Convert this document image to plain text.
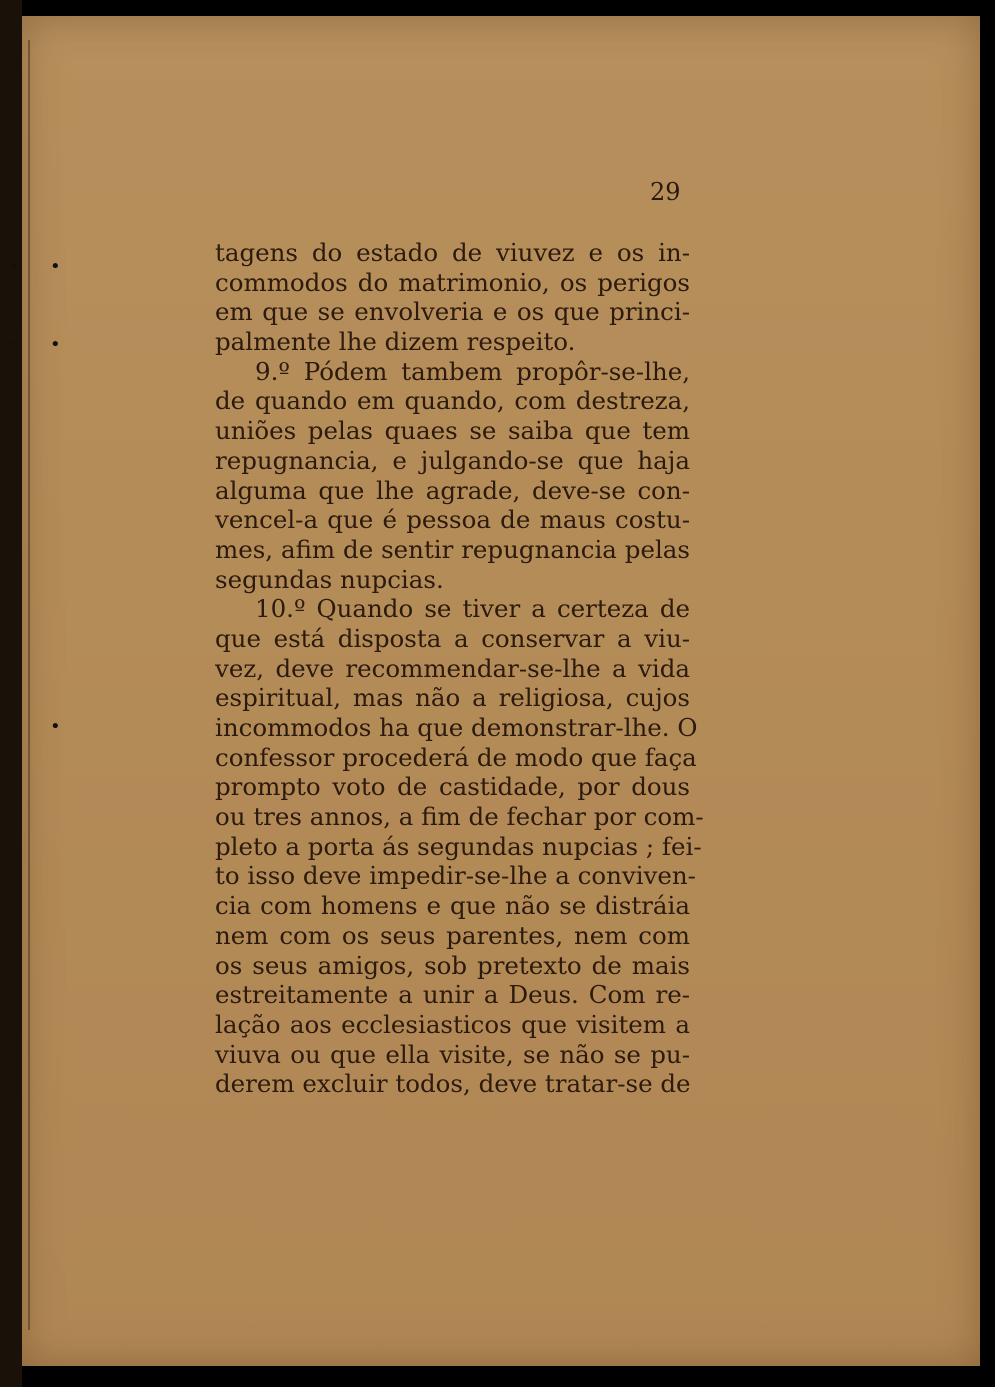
• •
• •
•
29
tagens do estado de viuvez e os in-
commodos do matrimonio, os perigos
em que se envolveria e os que princi-
palmente lhe dizem respeito.
9.º Pódem tambem propôr-se-lhe,
de quando em quando, com destreza,
uniões pelas quaes se saiba que tem
repugnancia, e julgando-se que haja
alguma que lhe agrade, deve-se con-
vencel-a que é pessoa de maus costu-
mes, afim de sentir repugnancia pelas
segundas nupcias.
10.º Quando se tiver a certeza de
que está disposta a conservar a viu-
vez, deve recommendar-se-lhe a vida
espiritual, mas não a religiosa, cujos
incommodos ha que demonstrar-lhe. O
confessor procederá de modo que faça
prompto voto de castidade, por dous
ou tres annos, a fim de fechar por com-
pleto a porta ás segundas nupcias ; fei-
to isso deve impedir-se-lhe a conviven-
cia com homens e que não se distráia
nem com os seus parentes, nem com
os seus amigos, sob pretexto de mais
estreitamente a unir a Deus. Com re-
lação aos ecclesiasticos que visitem a
viuva ou que ella visite, se não se pu-
derem excluir todos, deve tratar-se de
